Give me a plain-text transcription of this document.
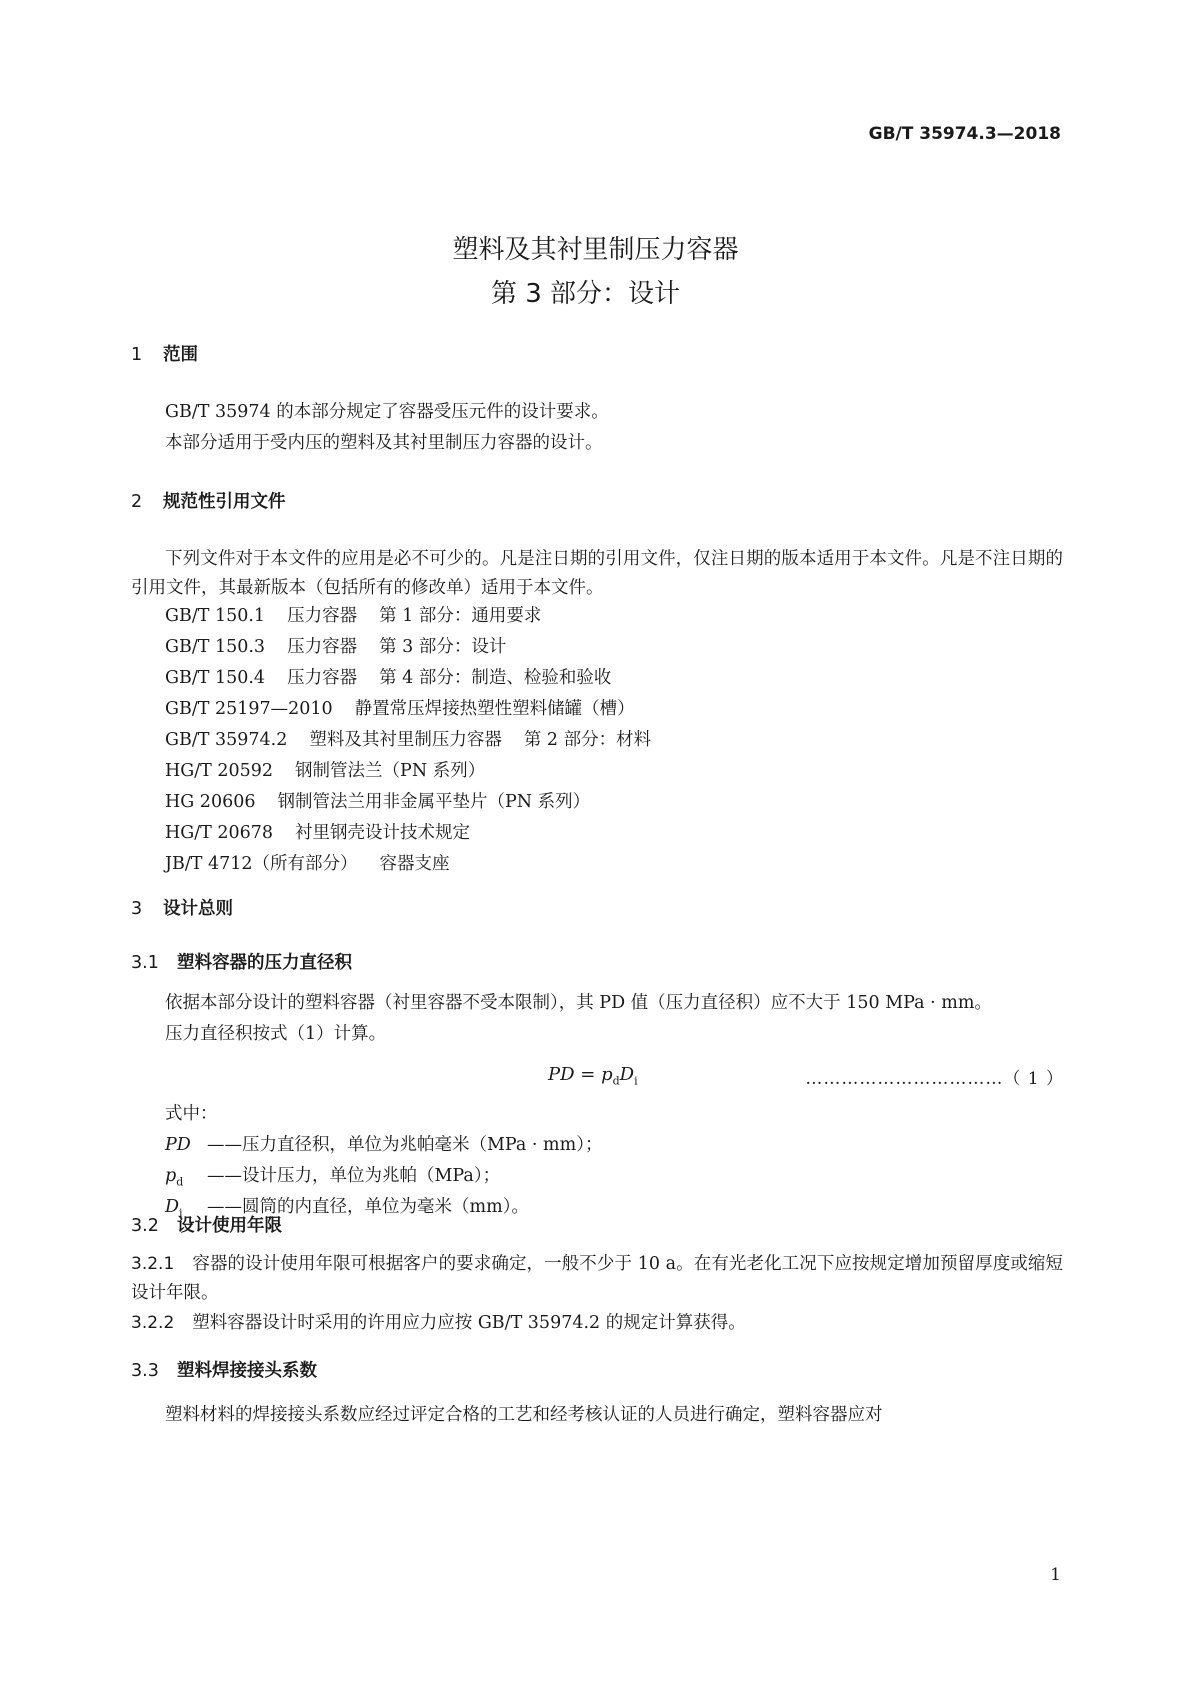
GB/T 35974.3—2018
塑料及其衬里制压力容器
第 3 部分：设计
1 范围
GB/T 35974 的本部分规定了容器受压元件的设计要求。
本部分适用于受内压的塑料及其衬里制压力容器的设计。
2 规范性引用文件
下列文件对于本文件的应用是必不可少的。凡是注日期的引用文件，仅注日期的版本适用于本文件。凡是不注日期的引用文件，其最新版本（包括所有的修改单）适用于本文件。
GB/T 150.1 压力容器 第 1 部分：通用要求
GB/T 150.3 压力容器 第 3 部分：设计
GB/T 150.4 压力容器 第 4 部分：制造、检验和验收
GB/T 25197—2010 静置常压焊接热塑性塑料储罐（槽）
GB/T 35974.2 塑料及其衬里制压力容器 第 2 部分：材料
HG/T 20592 钢制管法兰（PN 系列）
HG 20606 钢制管法兰用非金属平垫片（PN 系列）
HG/T 20678 衬里钢壳设计技术规定
JB/T 4712（所有部分） 容器支座
3 设计总则
3.1 塑料容器的压力直径积
依据本部分设计的塑料容器（衬里容器不受本限制），其 PD 值（压力直径积）应不大于 150 MPa · mm。
压力直径积按式（1）计算。
PD = $p_dD_i$	……………………………（ 1 ）
式中：
PD ——压力直径积，单位为兆帕毫米（MPa · mm）；
$p_d$ ——设计压力，单位为兆帕（MPa）；
$D_i$ ——圆筒的内直径，单位为毫米（mm）。
3.2 设计使用年限
3.2.1 容器的设计使用年限可根据客户的要求确定，一般不少于 10 a。在有光老化工况下应按规定增加预留厚度或缩短设计年限。
3.2.2 塑料容器设计时采用的许用应力应按 GB/T 35974.2 的规定计算获得。
3.3 塑料焊接接头系数
塑料材料的焊接接头系数应经过评定合格的工艺和经考核认证的人员进行确定，塑料容器应对
1
